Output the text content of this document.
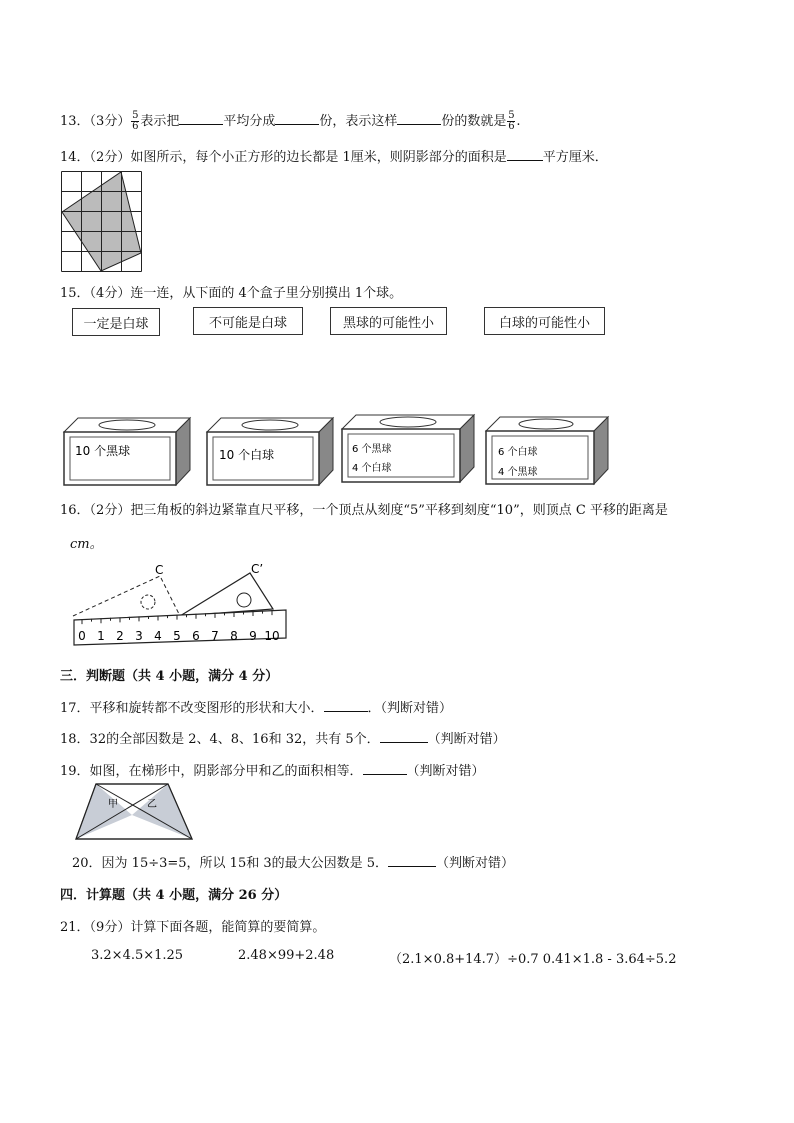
13．（3分） $\frac{5}{6}$ 表示把	平均分成	份，表示这样	份的数就是 $\frac{5}{6}$ .
14．（2分）如图所示，每个小正方形的边长都是 1厘米，则阴影部分的面积是	平方厘米．
15．（4分）连一连，从下面的 4个盒子里分别摸出 1个球。
一定是白球	不可能是白球	黑球的可能性小	白球的可能性小
10 个黑球	10 个白球	6 个黑球
4 个白球
6 个白球
4 个黑球
16．（2分）把三角板的斜边紧靠直尺平移，一个顶点从刻度“5”平移到刻度“10”，则顶点 C 平移的距离是
cm。
C	C’
0 1 2 3 4 5 6 7 8 9 10
三．判断题（共 4 小题，满分 4 分）
17．平移和旋转都不改变图形的形状和大小．	．（判断对错）
18．32的全部因数是 2、4、8、16和 32，共有 5个．	（判断对错）
19．如图，在梯形中，阴影部分甲和乙的面积相等．	（判断对错）
甲	乙
20．因为 15÷3=5，所以 15和 3的最大公因数是 5．	（判断对错）
四．计算题（共 4 小题，满分 26 分）
21．（9分）计算下面各题，能简算的要简算。
3.2×4.5×1.25	2.48×99+2.48	（2.1×0.8+14.7）÷0.7 0.41×1.8 - 3.64÷5.2
